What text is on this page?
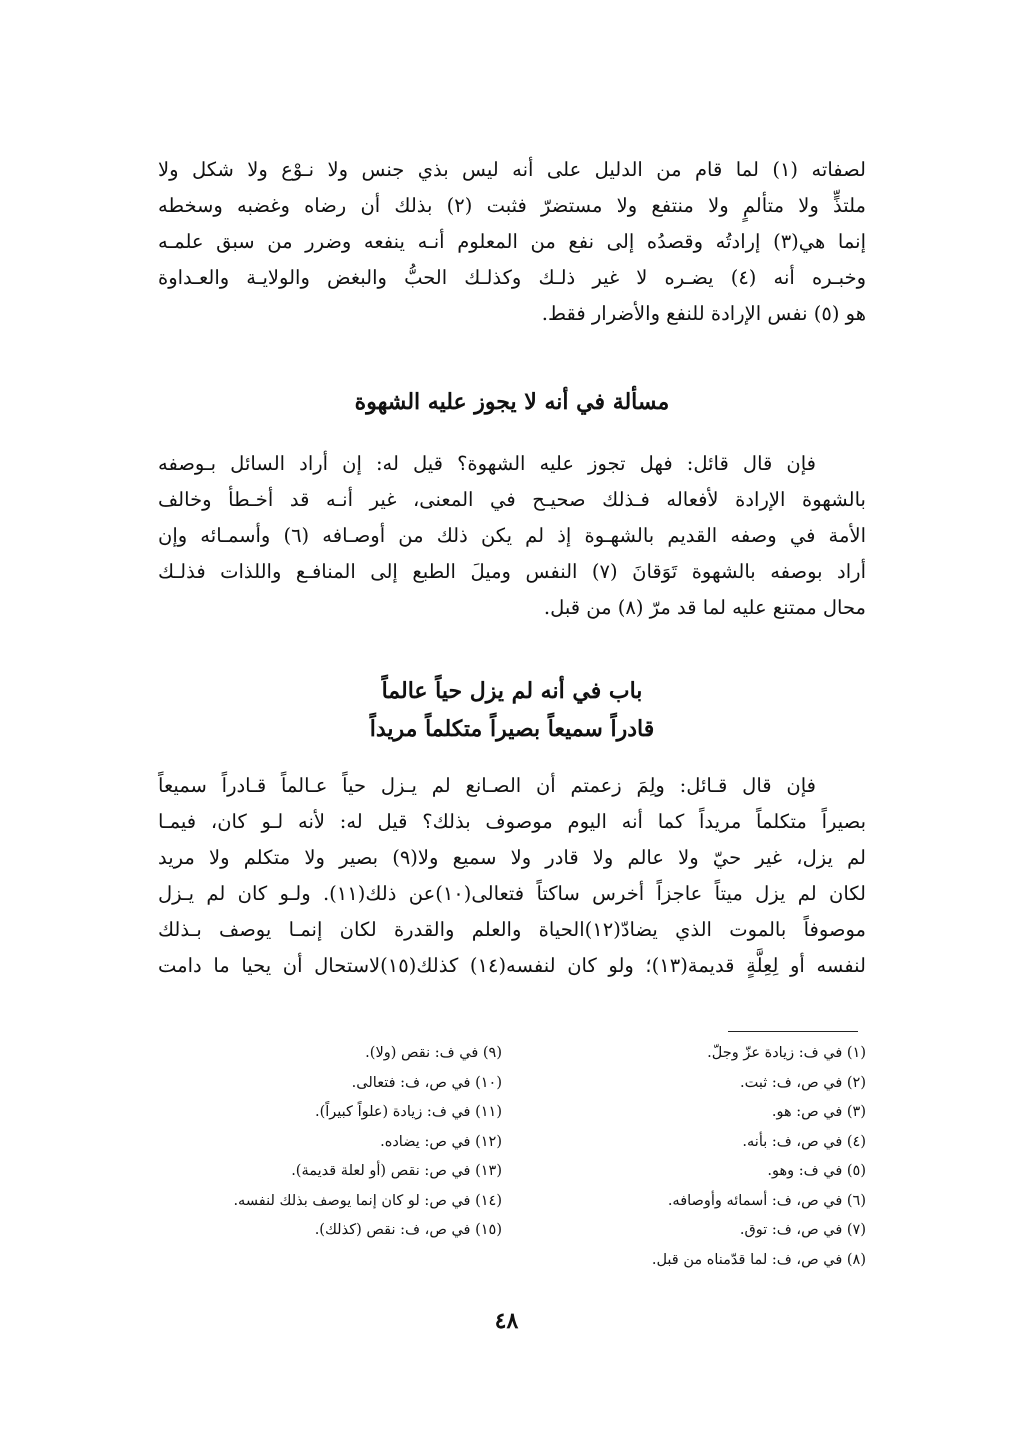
لصفاته (١) لما قام من الدليل على أنه ليس بذي جنس ولا نـوْع ولا شكل ولا
ملتذٍّ ولا متألمٍ ولا منتفع ولا مستضرّ فثبت (٢) بذلك أن رضاه وغضبه وسخطه
إنما هي(٣) إرادتُه وقصدُه إلى نفع من المعلوم أنـه ينفعه وضرر من سبق علمـه
وخبـره أنه (٤) يضـره لا غير ذلـك وكذلـك الحبُّ والبغض والولايـة والعـداوة
هو (٥) نفس الإرادة للنفع والأضرار فقط.
مسألة في أنه لا يجوز عليه الشهوة
فإن قال قائل: فهل تجوز عليه الشهوة؟ قيل له: إن أراد السائل بـوصفه
بالشهوة الإرادة لأفعاله فـذلك صحيـح في المعنى، غير أنـه قد أخـطأ وخالف
الأمة في وصفه القديم بالشهـوة إذ لم يكن ذلك من أوصـافه (٦) وأسمـائه وإن
أراد بوصفه بالشهوة تَوَقانَ (٧) النفس وميلَ الطبع إلى المنافـع واللذات فذلـك
محال ممتنع عليه لما قد مرّ (٨) من قبل.
باب في أنه لم يزل حياً عالماً
قادراً سميعاً بصيراً متكلماً مريداً
فإن قال قـائل: ولِمَ زعمتم أن الصـانع لم يـزل حياً عـالماً قـادراً سميعاً
بصيراً متكلماً مريداً كما أنه اليوم موصوف بذلك؟ قيل له: لأنه لـو كان، فيمـا
لم يزل، غير حيّ ولا عالم ولا قادر ولا سميع ولا(٩) بصير ولا متكلم ولا مريد
لكان لم يزل ميتاً عاجزاً أخرس ساكتاً فتعالى(١٠)عن ذلك(١١). ولـو كان لم يـزل
موصوفاً بالموت الذي يضادّ(١٢)الحياة والعلم والقدرة لكان إنمـا يوصف بـذلك
لنفسه أو لِعِلَّةٍ قديمة(١٣)؛ ولو كان لنفسه(١٤) كذلك(١٥)لاستحال أن يحيا ما دامت
(١) في ف: زيادة عزّ وجلّ.
(٢) في ص، ف: ثبت.
(٣) في ص: هو.
(٤) في ص، ف: بأنه.
(٥) في ف: وهو.
(٦) في ص، ف: أسمائه وأوصافه.
(٧) في ص، ف: توق.
(٨) في ص، ف: لما قدّمناه من قبل.
(٩) في ف: نقص (ولا).
(١٠) في ص، ف: فتعالى.
(١١) في ف: زيادة (علواً كبيراً).
(١٢) في ص: يضاده.
(١٣) في ص: نقص (أو لعلة قديمة).
(١٤) في ص: لو كان إنما يوصف بذلك لنفسه.
(١٥) في ص، ف: نقص (كذلك).
٤٨
